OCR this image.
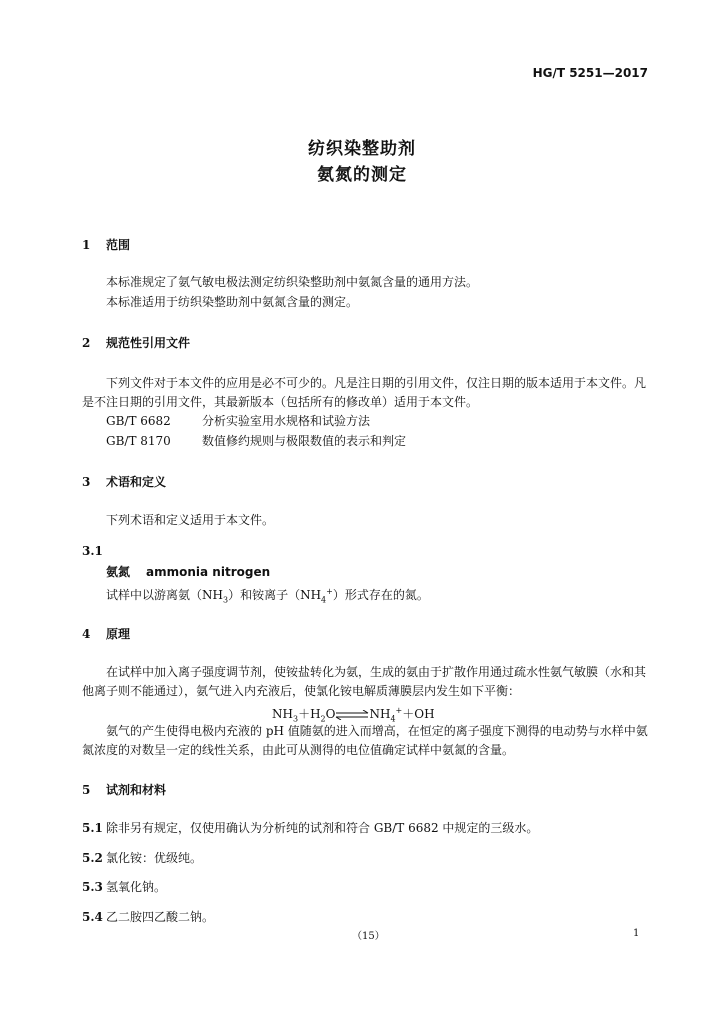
HG/T 5251—2017
纺织染整助剂
氨氮的测定
1 范围
本标准规定了氨气敏电极法测定纺织染整助剂中氨氮含量的通用方法。
本标准适用于纺织染整助剂中氨氮含量的测定。
2 规范性引用文件
下列文件对于本文件的应用是必不可少的。凡是注日期的引用文件，仅注日期的版本适用于本文件。凡是不注日期的引用文件，其最新版本（包括所有的修改单）适用于本文件。
GB/T 6682	分析实验室用水规格和试验方法
GB/T 8170	数值修约规则与极限数值的表示和判定
3 术语和定义
下列术语和定义适用于本文件。
3.1
氨氮 ammonia nitrogen
试样中以游离氨$(NH_3)$和铵离子$(NH_4^+)$形式存在的氮。
4 原理
在试样中加入离子强度调节剂，使铵盐转化为氨，生成的氨由于扩散作用通过疏水性氨气敏膜（水和其他离子则不能通过），氨气进入内充液后，使氯化铵电解质薄膜层内发生如下平衡：
$NH_3+H_2O\rightleftharpoons NH_4^++OH$
氨气的产生使得电极内充液的 pH 值随氨的进入而增高，在恒定的离子强度下测得的电动势与水样中氨氮浓度的对数呈一定的线性关系，由此可从测得的电位值确定试样中氨氮的含量。
5 试剂和材料
5.1 除非另有规定，仅使用确认为分析纯的试剂和符合 GB/T 6682 中规定的三级水。
5.2 氯化铵：优级纯。
5.3 氢氧化钠。
5.4 乙二胺四乙酸二钠。
（15）	1
